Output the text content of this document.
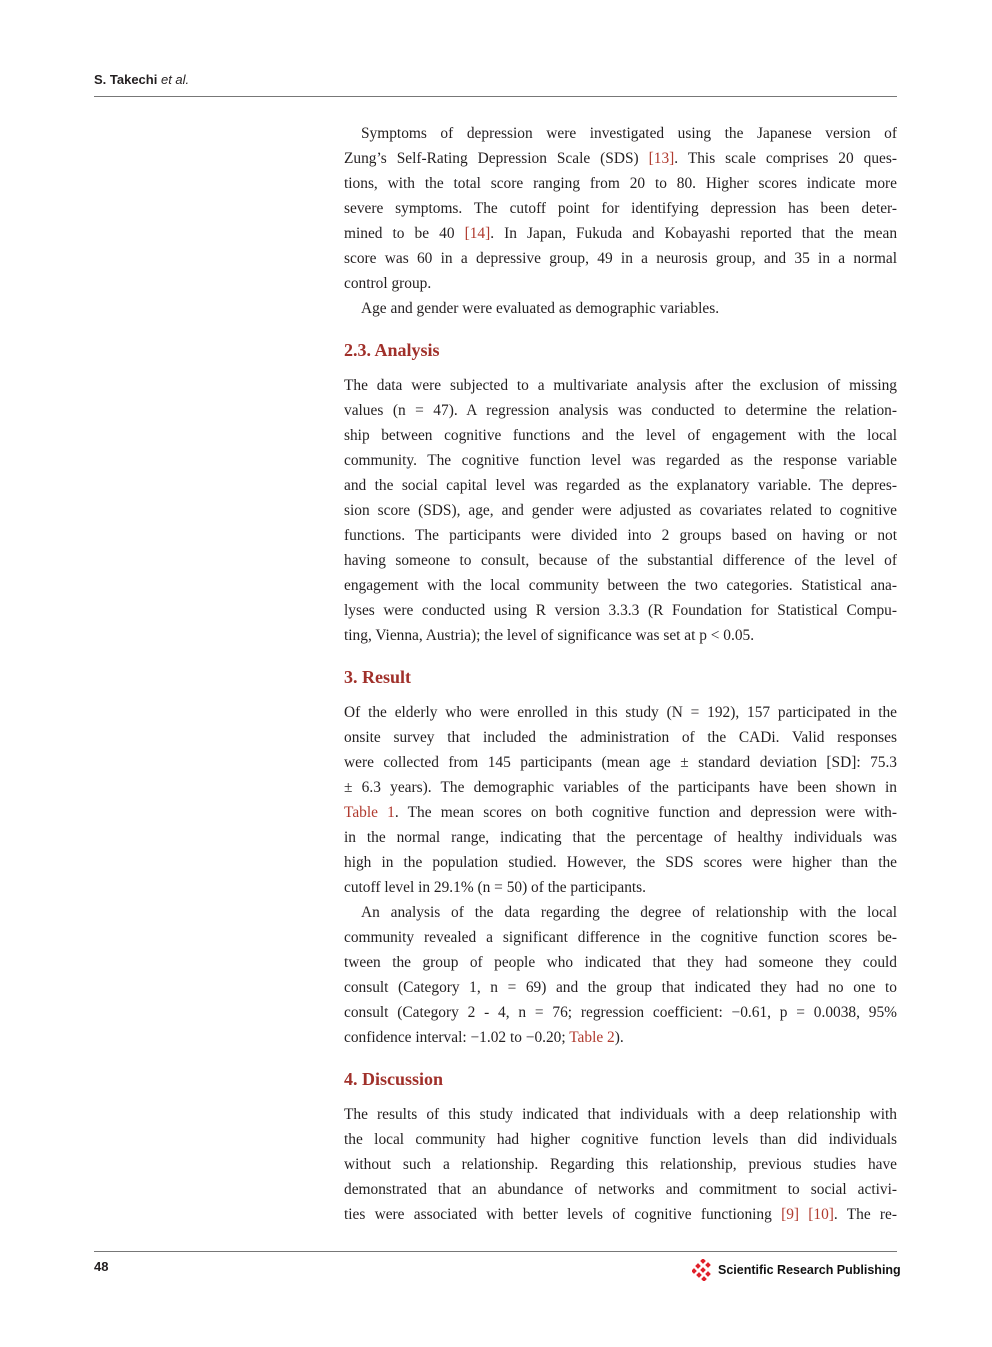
S. Takechi et al.
Symptoms of depression were investigated using the Japanese version of
Zung’s Self-Rating Depression Scale (SDS) [13]. This scale comprises 20 ques-
tions, with the total score ranging from 20 to 80. Higher scores indicate more
severe symptoms. The cutoff point for identifying depression has been deter-
mined to be 40 [14]. In Japan, Fukuda and Kobayashi reported that the mean
score was 60 in a depressive group, 49 in a neurosis group, and 35 in a normal
control group.
Age and gender were evaluated as demographic variables.
2.3. Analysis
The data were subjected to a multivariate analysis after the exclusion of missing
values (n = 47). A regression analysis was conducted to determine the relation-
ship between cognitive functions and the level of engagement with the local
community. The cognitive function level was regarded as the response variable
and the social capital level was regarded as the explanatory variable. The depres-
sion score (SDS), age, and gender were adjusted as covariates related to cognitive
functions. The participants were divided into 2 groups based on having or not
having someone to consult, because of the substantial difference of the level of
engagement with the local community between the two categories. Statistical ana-
lyses were conducted using R version 3.3.3 (R Foundation for Statistical Compu-
ting, Vienna, Austria); the level of significance was set at p < 0.05.
3. Result
Of the elderly who were enrolled in this study (N = 192), 157 participated in the
onsite survey that included the administration of the CADi. Valid responses
were collected from 145 participants (mean age ± standard deviation [SD]: 75.3
± 6.3 years). The demographic variables of the participants have been shown in
Table 1. The mean scores on both cognitive function and depression were with-
in the normal range, indicating that the percentage of healthy individuals was
high in the population studied. However, the SDS scores were higher than the
cutoff level in 29.1% (n = 50) of the participants.
An analysis of the data regarding the degree of relationship with the local
community revealed a significant difference in the cognitive function scores be-
tween the group of people who indicated that they had someone they could
consult (Category 1, n = 69) and the group that indicated they had no one to
consult (Category 2 - 4, n = 76; regression coefficient: −0.61, p = 0.0038, 95%
confidence interval: −1.02 to −0.20; Table 2).
4. Discussion
The results of this study indicated that individuals with a deep relationship with
the local community had higher cognitive function levels than did individuals
without such a relationship. Regarding this relationship, previous studies have
demonstrated that an abundance of networks and commitment to social activi-
ties were associated with better levels of cognitive functioning [9] [10]. The re-
48	Scientific Research Publishing
